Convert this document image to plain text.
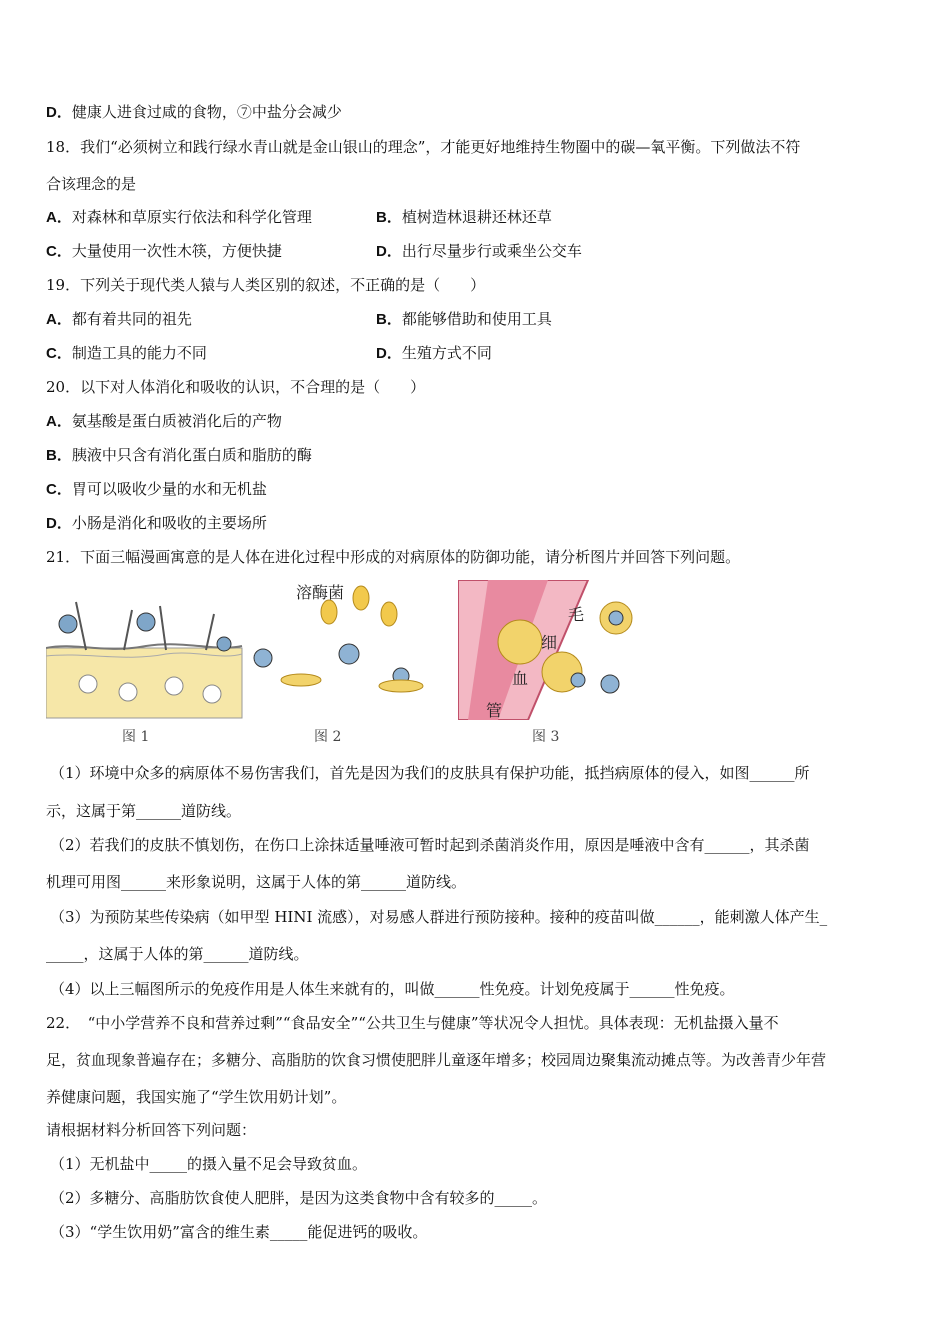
D．健康人进食过咸的食物，⑦中盐分会减少
18．我们“必须树立和践行绿水青山就是金山银山的理念”，才能更好地维持生物圈中的碳—氧平衡。下列做法不符
合该理念的是
A．对森林和草原实行依法和科学化管理	B．植树造林退耕还林还草
C．大量使用一次性木筷，方便快捷	D．出行尽量步行或乘坐公交车
19．下列关于现代类人猿与人类区别的叙述，不正确的是（　　）
A．都有着共同的祖先	B．都能够借助和使用工具
C．制造工具的能力不同	D．生殖方式不同
20．以下对人体消化和吸收的认识，不合理的是（　　）
A．氨基酸是蛋白质被消化后的产物
B．胰液中只含有消化蛋白质和脂肪的酶
C．胃可以吸收少量的水和无机盐
D．小肠是消化和吸收的主要场所
21．下面三幅漫画寓意的是人体在进化过程中形成的对病原体的防御功能，请分析图片并回答下列问题。
溶酶菌
毛
细
血
管
图 1	图 2	图 3
（1）环境中众多的病原体不易伤害我们，首先是因为我们的皮肤具有保护功能，抵挡病原体的侵入，如图______所
示，这属于第______道防线。
（2）若我们的皮肤不慎划伤，在伤口上涂抹适量唾液可暂时起到杀菌消炎作用，原因是唾液中含有______，其杀菌
机理可用图______来形象说明，这属于人体的第______道防线。
（3）为预防某些传染病（如甲型 HINI 流感），对易感人群进行预防接种。接种的疫苗叫做______，能刺激人体产生_
_____，这属于人体的第______道防线。
（4）以上三幅图所示的免疫作用是人体生来就有的，叫做______性免疫。计划免疫属于______性免疫。
22．　“中小学营养不良和营养过剩”“食品安全”“公共卫生与健康”等状况令人担忧。具体表现：无机盐摄入量不
足，贫血现象普遍存在；多糖分、高脂肪的饮食习惯使肥胖儿童逐年增多；校园周边聚集流动摊点等。为改善青少年营
养健康问题，我国实施了“学生饮用奶计划”。
请根据材料分析回答下列问题：
（1）无机盐中_____的摄入量不足会导致贫血。
（2）多糖分、高脂肪饮食使人肥胖，是因为这类食物中含有较多的_____。
（3）“学生饮用奶”富含的维生素_____能促进钙的吸收。
